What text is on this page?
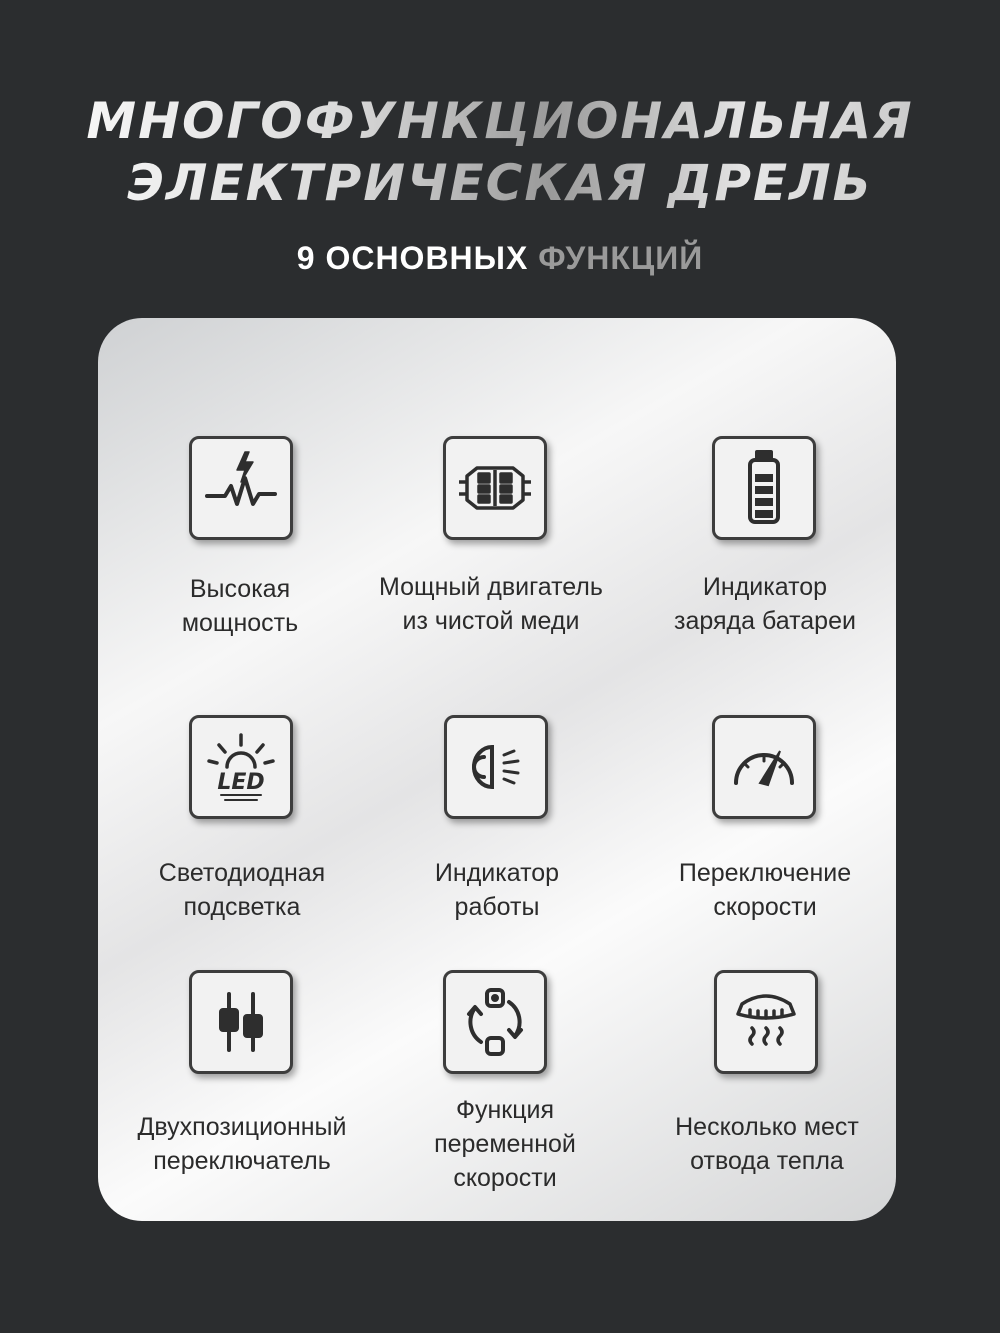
МНОГОФУНКЦИОНАЛЬНАЯ
ЭЛЕКТРИЧЕСКАЯ ДРЕЛЬ
9 ОСНОВНЫХ ФУНКЦИЙ
Высокая
мощность
Мощный двигатель
из чистой меди
Индикатор
заряда батареи
LED
Светодиодная
подсветка
Индикатор
работы
Переключение
скорости
Двухпозиционный
переключатель
Функция
переменной
скорости
Несколько мест
отвода тепла
